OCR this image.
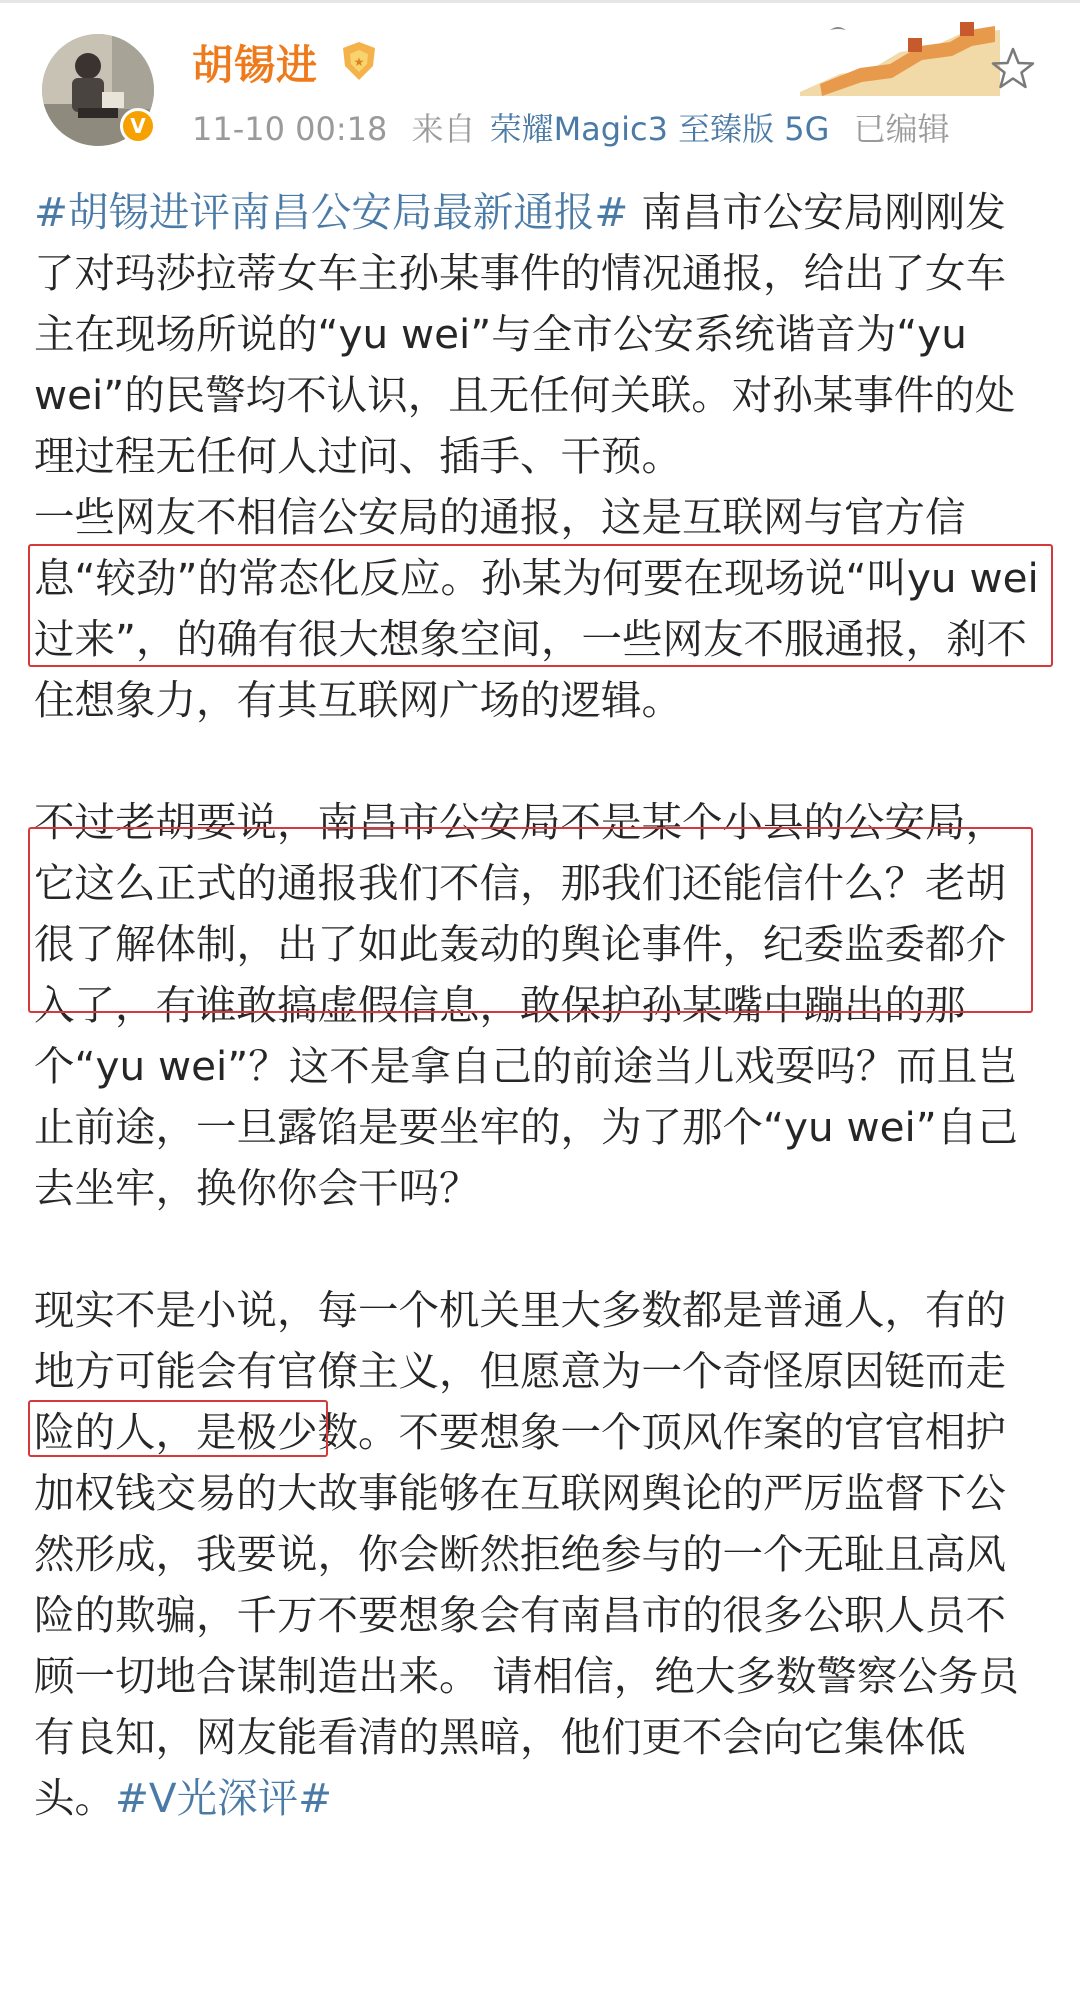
V
胡锡进	★
11-10 00:18 来自 荣耀Magic3 至臻版 5G 已编辑

#胡锡进评南昌公安局最新通报# 南昌市公安局刚刚发了对玛莎拉蒂女车主孙某事件的情况通报，给出了女车主在现场所说的“yu wei”与全市公安系统谐音为“yu wei”的民警均不认识，且无任何关联。对孙某事件的处理过程无任何人过问、插手、干预。

一些网友不相信公安局的通报，这是互联网与官方信息“较劲”的常态化反应。孙某为何要在现场说“叫yu wei过来”，的确有很大想象空间，一些网友不服通报，刹不住想象力，有其互联网广场的逻辑。

不过老胡要说，南昌市公安局不是某个小县的公安局，它这么正式的通报我们不信，那我们还能信什么？老胡很了解体制，出了如此轰动的舆论事件，纪委监委都介入了，有谁敢搞虚假信息，敢保护孙某嘴中蹦出的那个“yu wei”？这不是拿自己的前途当儿戏耍吗？而且岂止前途，一旦露馅是要坐牢的，为了那个“yu wei”自己去坐牢，换你你会干吗？

现实不是小说，每一个机关里大多数都是普通人，有的地方可能会有官僚主义，但愿意为一个奇怪原因铤而走险的人，是极少数。不要想象一个顶风作案的官官相护加权钱交易的大故事能够在互联网舆论的严厉监督下公然形成，我要说，你会断然拒绝参与的一个无耻且高风险的欺骗，千万不要想象会有南昌市的很多公职人员不顾一切地合谋制造出来。 请相信，绝大多数警察公务员有良知，网友能看清的黑暗，他们更不会向它集体低头。#V光深评#
